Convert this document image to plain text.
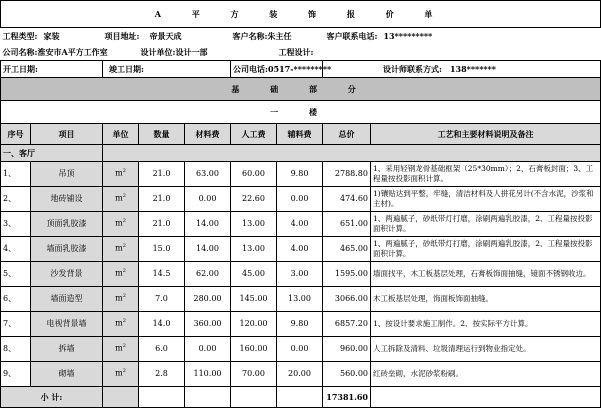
A 平 方 装 饰 报 价 单								
工程类型: 家装		项目地址: 帝景天成			客户名称:朱主任		客户联系电话: 13*********	
公司名称:淮安市A平方工作室			设计单位:设计一部			工程设计:		
开工日期:		竣工日期:			公司电话:0517-*********		设计师联系方式: 138*******	
基 础 部 分								
一 楼								
序号	项目	单位	数量	材料费	人工费	辅料费	总价	工艺和主要材料说明及备注
一、客厅								
1、	吊顶	$m^2$	21.0	63.00	60.00	9.80	2788.80	1、采用轻钢龙骨基础框架（25*30mm）；2、石膏板封面；3、工程量按投影面积计算。
2、	地砖铺设	$m^2$	21.0	0.00	22.60	0.00	474.60	1)镶贴达到平整，牢缝，清洁材料及人拼花另计(不含水泥，沙浆和主材)。
3、	顶面乳胶漆	$m^2$	21.0	14.00	13.00	4.00	651.00	1、两遍腻子，砂纸带灯打磨，涂刷两遍乳胶漆，2、工程量按投影面积计算。
4、	墙面乳胶漆	$m^2$	15.0	14.00	13.00	4.00	465.00	1、两遍腻子，砂纸带灯打磨，涂刷两遍乳胶漆，2、工程量按投影面积计算。
5、	沙发背景	$m^2$	14.5	62.00	45.00	3.00	1595.00	墙面找平，木工板基层处理，石膏板饰面抽缝，镜面不锈钢收边。
6、	墙面造型	$m^2$	7.0	280.00	145.00	13.00	3066.00	木工板基层处理，饰面板饰面抽缝。
7、	电视背景墙	$m^2$	14.0	360.00	120.00	9.80	6857.20	1、按设计要求施工制作。2、按实际平方计算。
8、	拆墙	$m^2$	6.0	0.00	160.00	0.00	960.00	人工拆除及清料、垃圾清理运行到物业指定处。
9、	砌墙	$m^2$	2.8	110.00	70.00	20.00	560.00	红砖垒砌，水泥砂浆粉刷。
小 计:							17381.60	
